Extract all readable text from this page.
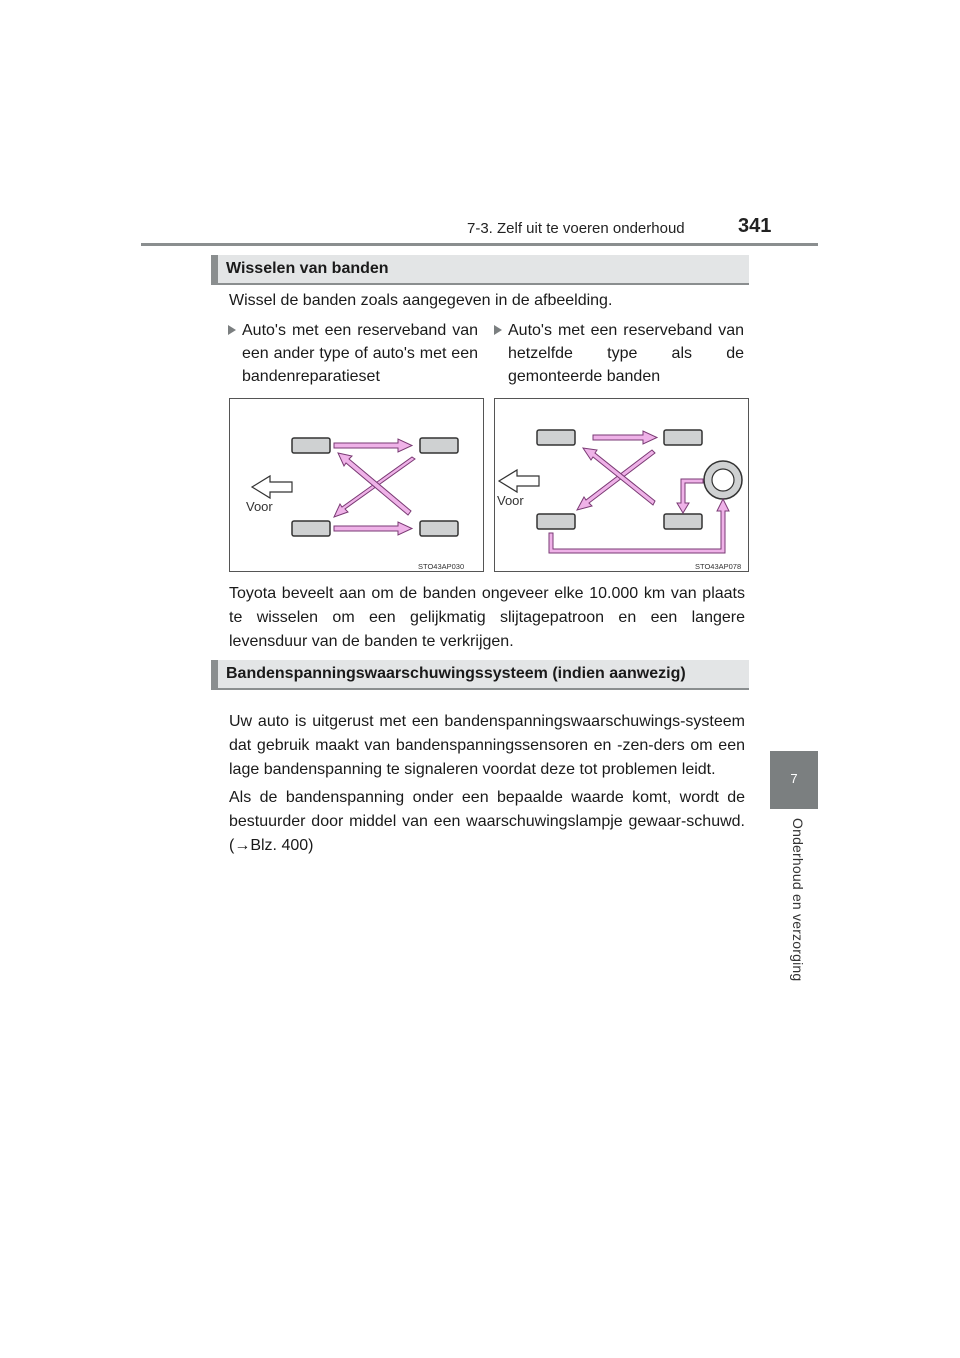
7-3. Zelf uit te voeren onderhoud	341
7
Onderhoud en verzorging
Wisselen van banden

Wissel de banden zoals aangegeven in de afbeelding.

Auto's met een reserveband van een ander type of auto's met een bandenreparatieset
Auto's met een reserveband van hetzelfde type als de gemonteerde banden
Voor
STO43AP030
Voor
STO43AP078

Toyota beveelt aan om de banden ongeveer elke 10.000 km van plaats te wisselen om een gelijkmatig slijtagepatroon en een langere levensduur van de banden te verkrijgen.

Bandenspanningswaarschuwingssysteem (indien aanwezig)

Uw auto is uitgerust met een bandenspanningswaarschuwings-systeem dat gebruik maakt van bandenspanningssensoren en -zen-ders om een lage bandenspanning te signaleren voordat deze tot problemen leidt.

Als de bandenspanning onder een bepaalde waarde komt, wordt de bestuurder door middel van een waarschuwingslampje gewaar-schuwd. (→Blz. 400)
